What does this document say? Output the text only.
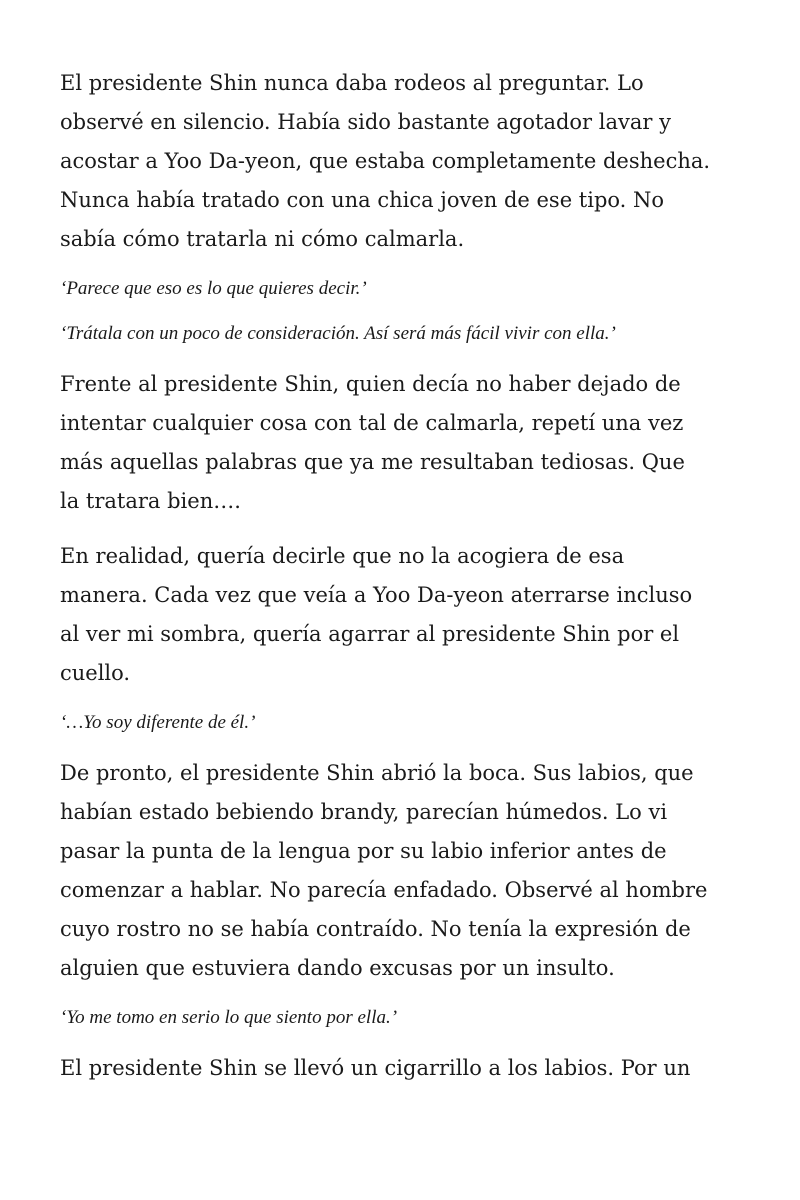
El presidente Shin nunca daba rodeos al preguntar. Lo
observé en silencio. Había sido bastante agotador lavar y
acostar a Yoo Da-yeon, que estaba completamente deshecha.
Nunca había tratado con una chica joven de ese tipo. No
sabía cómo tratarla ni cómo calmarla.

‘Parece que eso es lo que quieres decir.’

‘Trátala con un poco de consideración. Así será más fácil vivir con ella.’

Frente al presidente Shin, quien decía no haber dejado de
intentar cualquier cosa con tal de calmarla, repetí una vez
más aquellas palabras que ya me resultaban tediosas. Que
la tratara bien….

En realidad, quería decirle que no la acogiera de esa
manera. Cada vez que veía a Yoo Da-yeon aterrarse incluso
al ver mi sombra, quería agarrar al presidente Shin por el
cuello.

‘…Yo soy diferente de él.’

De pronto, el presidente Shin abrió la boca. Sus labios, que
habían estado bebiendo brandy, parecían húmedos. Lo vi
pasar la punta de la lengua por su labio inferior antes de
comenzar a hablar. No parecía enfadado. Observé al hombre
cuyo rostro no se había contraído. No tenía la expresión de
alguien que estuviera dando excusas por un insulto.

‘Yo me tomo en serio lo que siento por ella.’

El presidente Shin se llevó un cigarrillo a los labios. Por un
